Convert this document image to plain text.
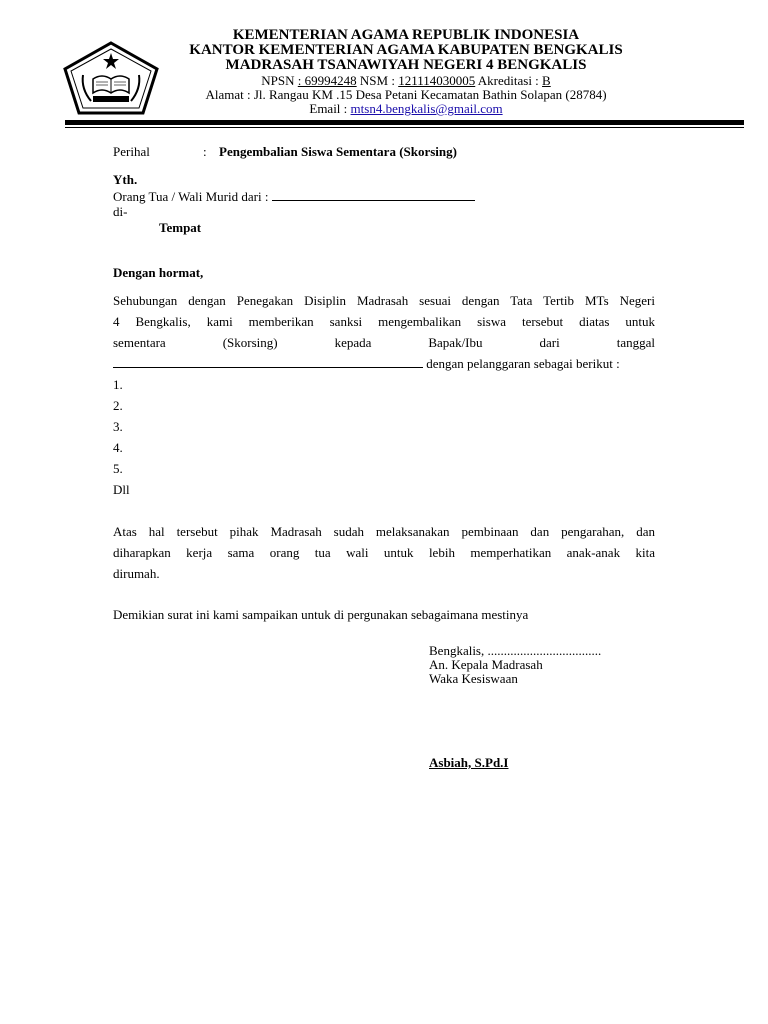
KEMENTERIAN AGAMA REPUBLIK INDONESIA
KANTOR KEMENTERIAN AGAMA KABUPATEN BENGKALIS
MADRASAH TSANAWIYAH NEGERI 4 BENGKALIS
NPSN : 69994248 NSM : 121114030005 Akreditasi : B
Alamat : Jl. Rangau KM .15 Desa Petani Kecamatan Bathin Solapan (28784)
Email : mtsn4.bengkalis@gmail.com
Perihal	: Pengembalian Siswa Sementara (Skorsing)
Yth.
Orang Tua / Wali Murid dari :
di-
Tempat
Dengan hormat,
Sehubungan dengan Penegakan Disiplin Madrasah sesuai dengan Tata Tertib MTs Negeri
4 Bengkalis, kami memberikan sanksi mengembalikan siswa tersebut diatas untuk
sementara	(Skorsing)	kepada	Bapak/Ibu	dari	tanggal
dengan pelanggaran sebagai berikut :
1.
2.
3.
4.
5.
Dll
Atas hal tersebut pihak Madrasah sudah melaksanakan pembinaan dan pengarahan, dan
diharapkan kerja sama orang tua wali untuk lebih memperhatikan anak-anak kita
dirumah.
Demikian surat ini kami sampaikan untuk di pergunakan sebagaimana mestinya
Bengkalis, ...................................
An. Kepala Madrasah
Waka Kesiswaan
Asbiah, S.Pd.I
